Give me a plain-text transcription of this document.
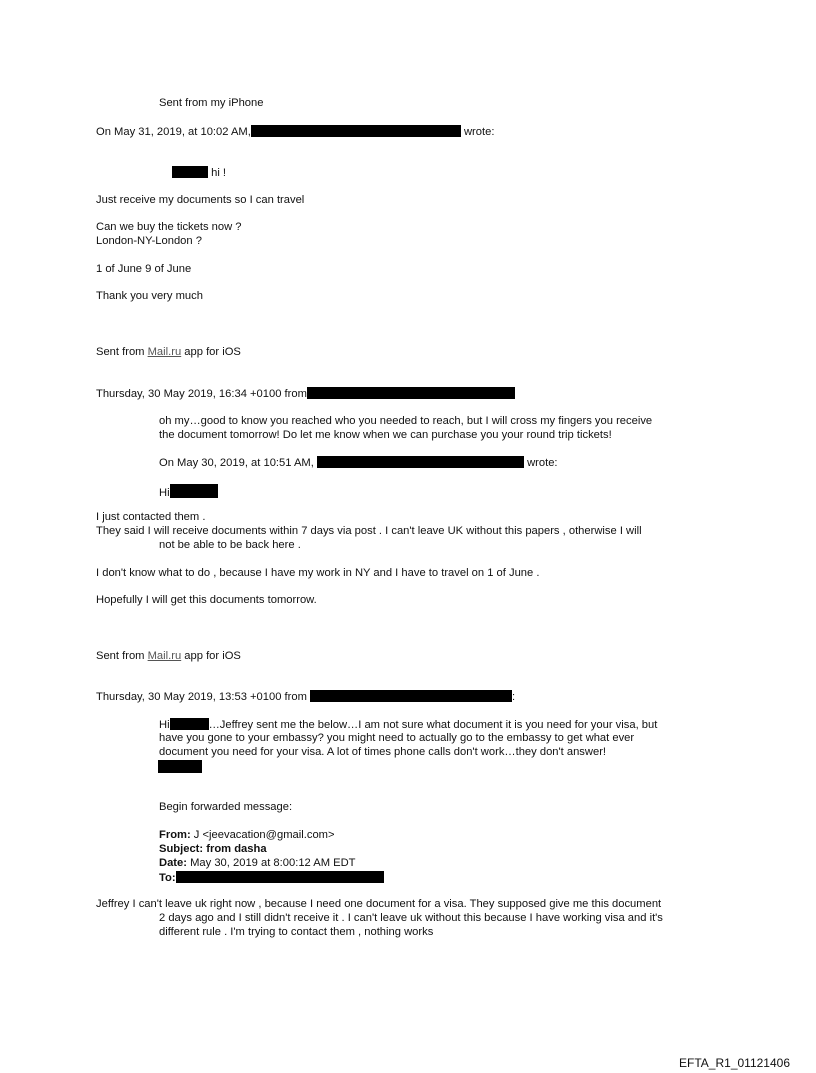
Sent from my iPhone
On May 31, 2019, at 10:02 AM,	wrote:
hi !
Just receive my documents so I can travel
Can we buy the tickets now ?
London-NY-London ?
1 of June 9 of June
Thank you very much
Sent from Mail.ru app for iOS
Thursday, 30 May 2019, 16:34 +0100 from
oh my…good to know you reached who you needed to reach, but I will cross my fingers you receive
the document tomorrow! Do let me know when we can purchase you your round trip tickets!
On May 30, 2019, at 10:51 AM,	wrote:
Hi
I just contacted them .
They said I will receive documents within 7 days via post . I can't leave UK without this papers , otherwise I will
not be able to be back here .
I don't know what to do , because I have my work in NY and I have to travel on 1 of June .
Hopefully I will get this documents tomorrow.
Sent from Mail.ru app for iOS
Thursday, 30 May 2019, 13:53 +0100 from	:
Hi	…Jeffrey sent me the below…I am not sure what document it is you need for your visa, but
have you gone to your embassy? you might need to actually go to the embassy to get what ever
document you need for your visa. A lot of times phone calls don't work…they don't answer!
Begin forwarded message:
From: J <jeevacation@gmail.com>
Subject: from dasha
Date: May 30, 2019 at 8:00:12 AM EDT
To:
Jeffrey I can't leave uk right now , because I need one document for a visa. They supposed give me this document
2 days ago and I still didn't receive it . I can't leave uk without this because I have working visa and it's
different rule . I'm trying to contact them , nothing works
EFTA_R1_01121406
